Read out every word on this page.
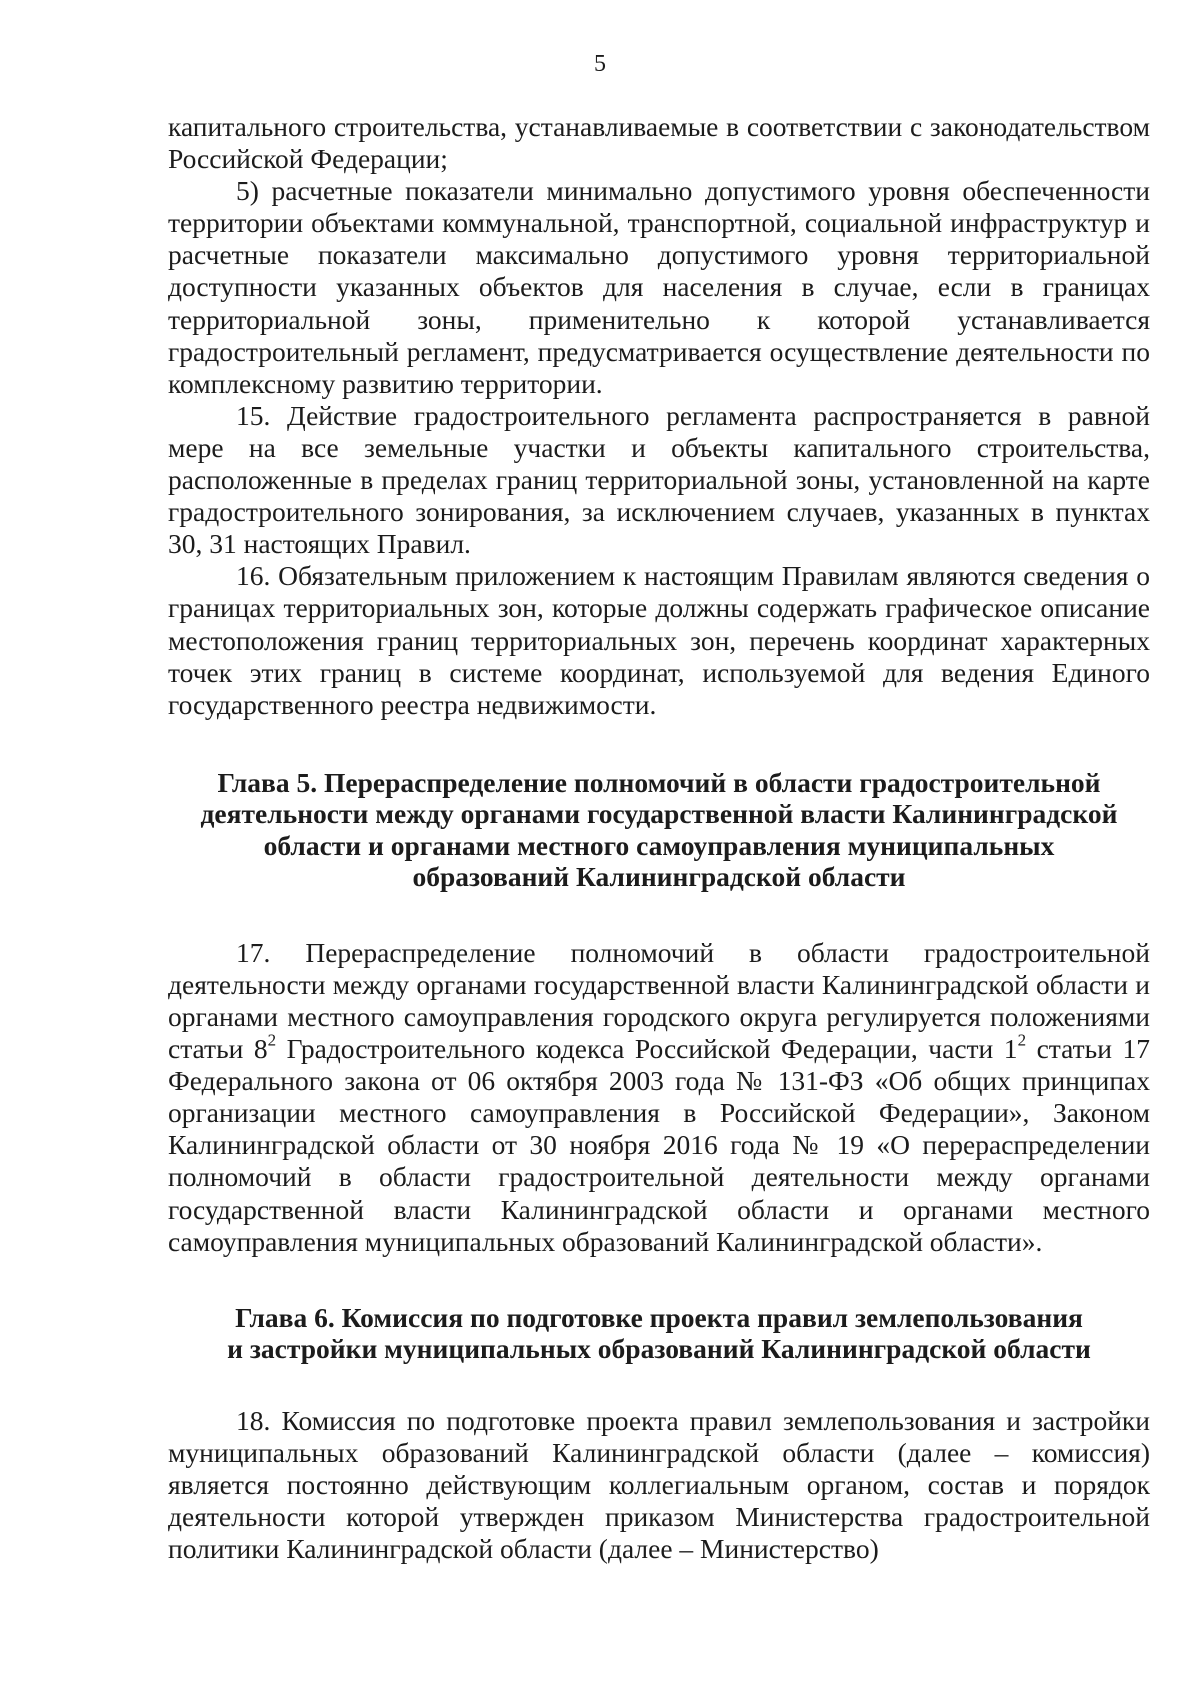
5

капитального строительства, устанавливаемые в соответствии с законодательством Российской Федерации;

5) расчетные показатели минимально допустимого уровня обеспеченности территории объектами коммунальной, транспортной, социальной инфраструктур и расчетные показатели максимально допустимого уровня территориальной доступности указанных объектов для населения в случае, если в границах территориальной зоны, применительно к которой устанавливается градостроительный регламент, предусматривается осуществление деятельности по комплексному развитию территории.

15. Действие градостроительного регламента распространяется в равной мере на все земельные участки и объекты капитального строительства, расположенные в пределах границ территориальной зоны, установленной на карте градостроительного зонирования, за исключением случаев, указанных в пунктах 30, 31 настоящих Правил.

16. Обязательным приложением к настоящим Правилам являются сведения о границах территориальных зон, которые должны содержать графическое описание местоположения границ территориальных зон, перечень координат характерных точек этих границ в системе координат, используемой для ведения Единого государственного реестра недвижимости.

Глава 5. Перераспределение полномочий в области градостроительной
деятельности между органами государственной власти Калининградской
области и органами местного самоуправления муниципальных
образований Калининградской области

17. Перераспределение полномочий в области градостроительной деятельности между органами государственной власти Калининградской области и органами местного самоуправления городского округа регулируется положениями статьи $8^2$ Градостроительного кодекса Российской Федерации, части $1^2$ статьи 17 Федерального закона от 06 октября 2003 года № 131-ФЗ «Об общих принципах организации местного самоуправления в Российской Федерации», Законом Калининградской области от 30 ноября 2016 года № 19 «О перераспределении полномочий в области градостроительной деятельности между органами государственной власти Калининградской области и органами местного самоуправления муниципальных образований Калининградской области».

Глава 6. Комиссия по подготовке проекта правил землепользования
и застройки муниципальных образований Калининградской области

18. Комиссия по подготовке проекта правил землепользования и застройки муниципальных образований Калининградской области (далее – комиссия) является постоянно действующим коллегиальным органом, состав и порядок деятельности которой утвержден приказом Министерства градостроительной политики Калининградской области (далее – Министерство)
